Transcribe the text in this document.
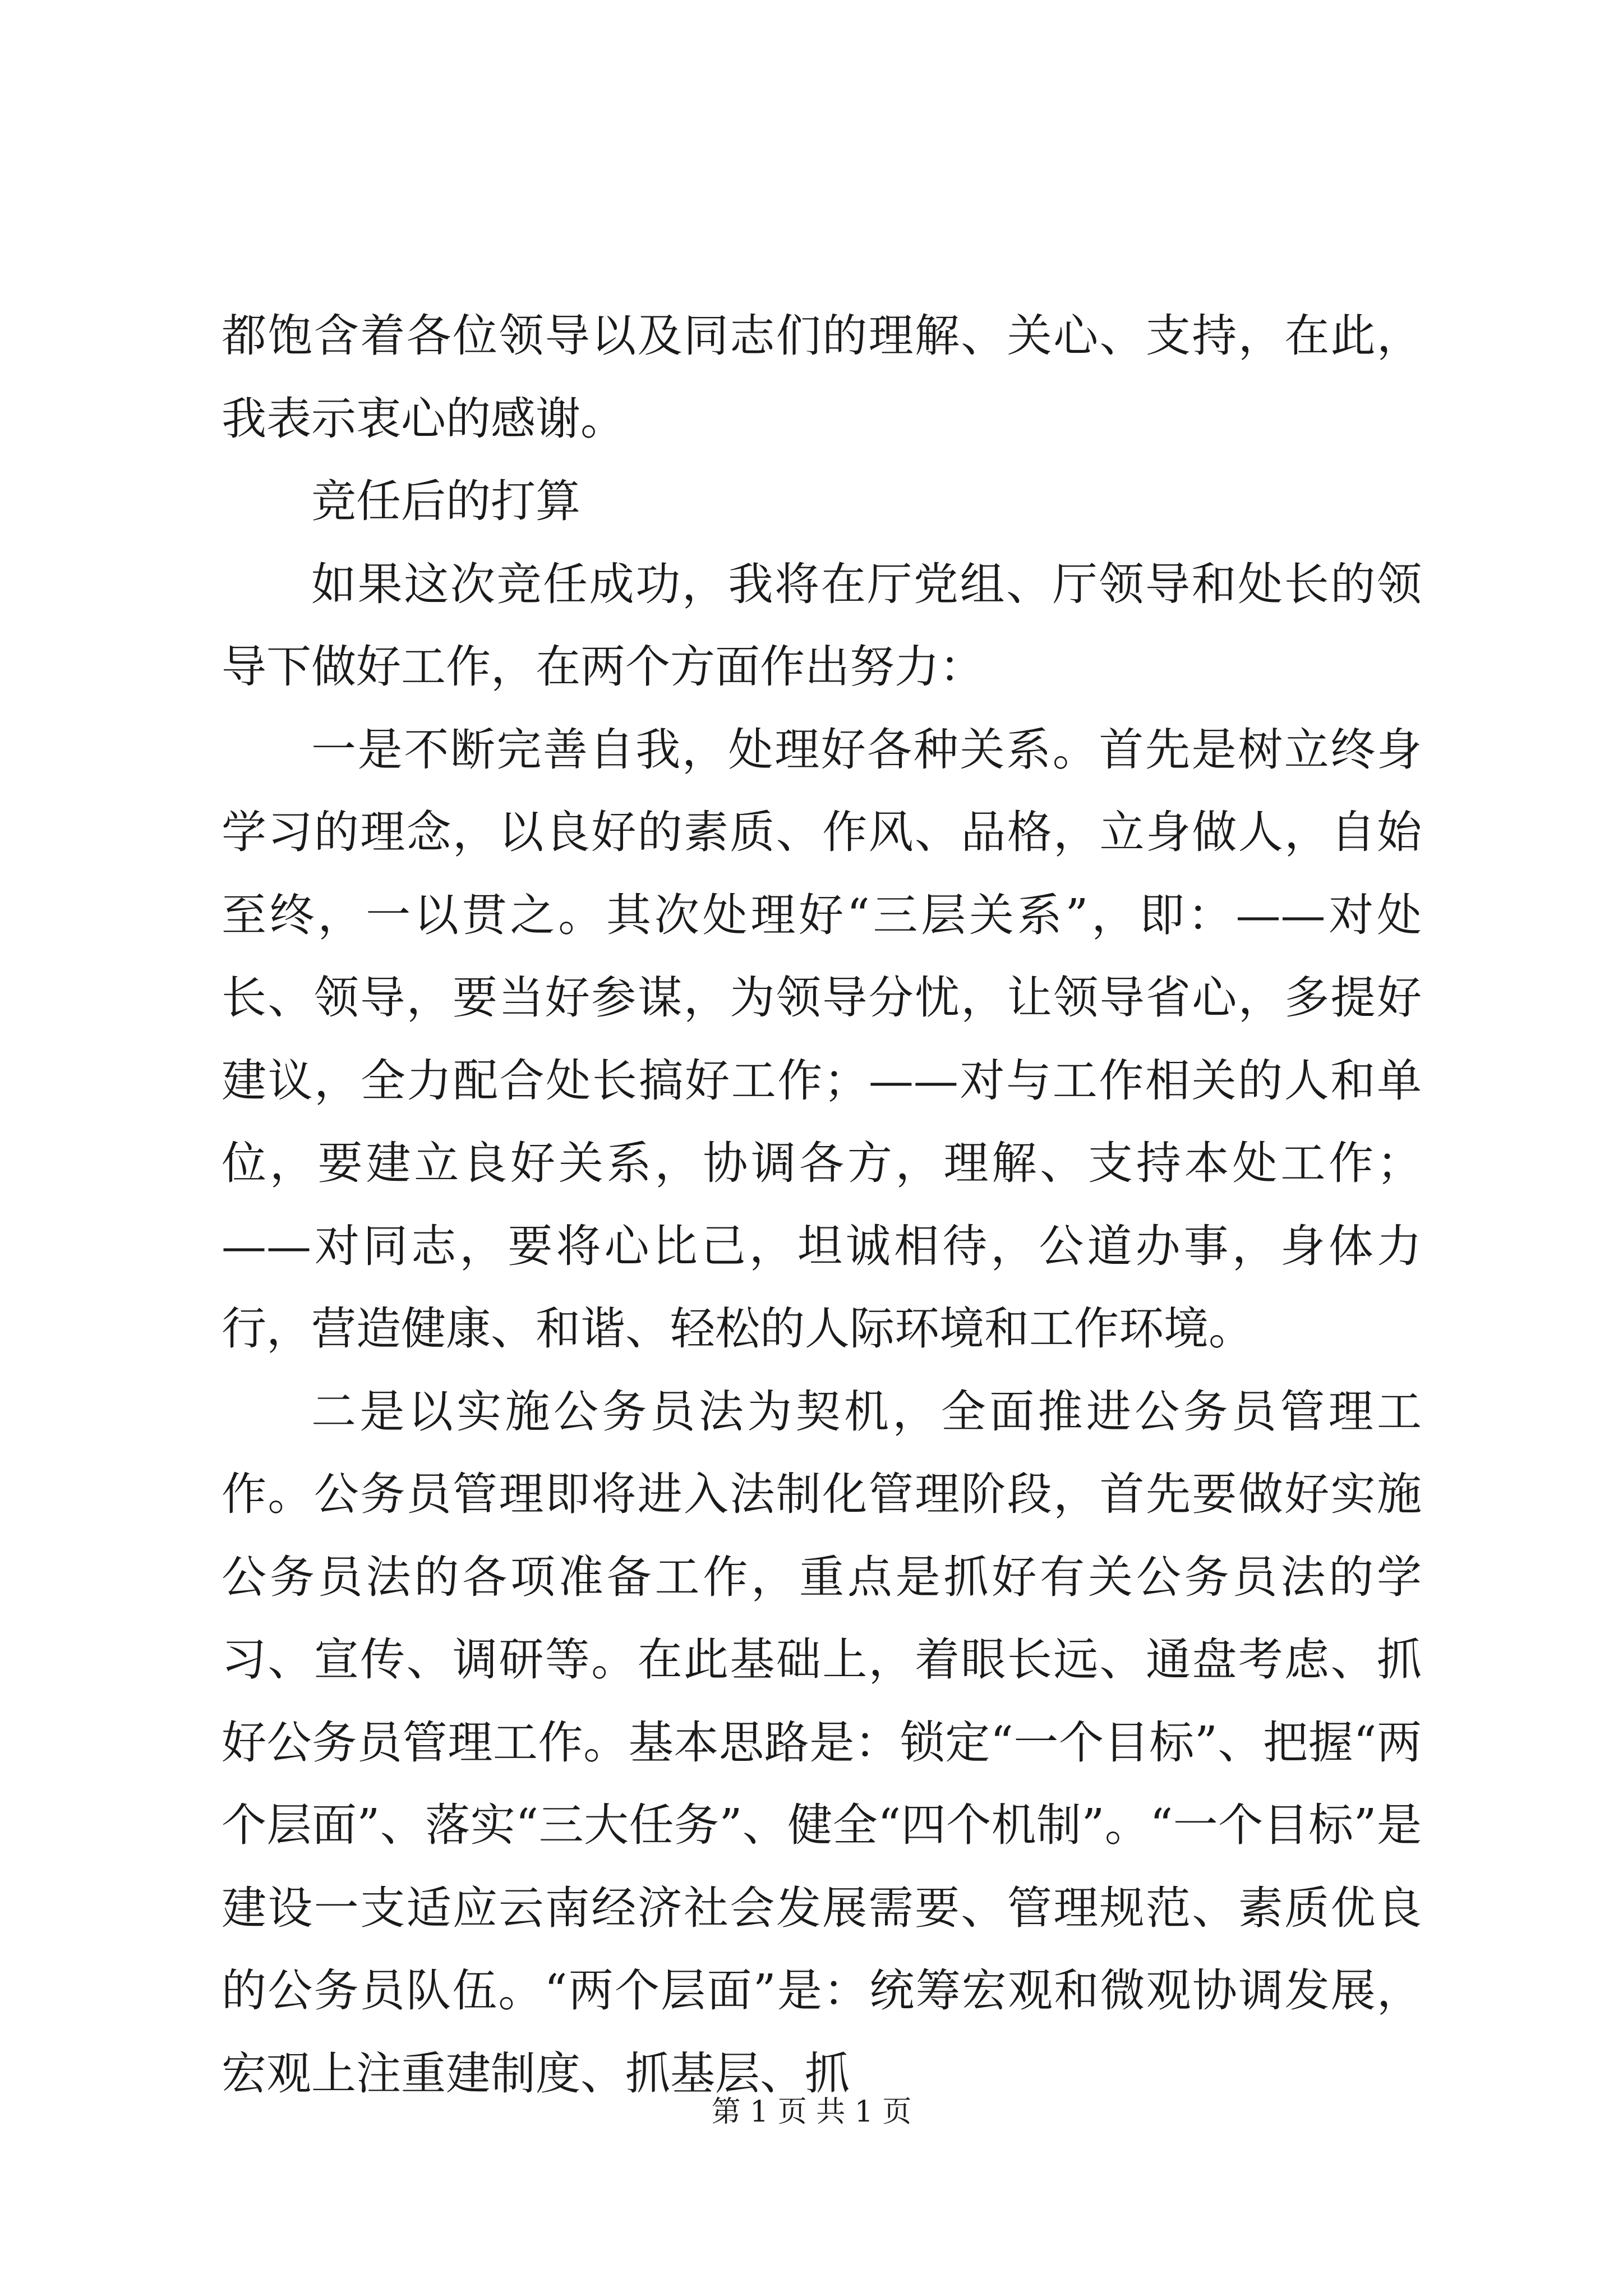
都饱含着各位领导以及同志们的理解、关心、支持，在此，我表示衷心的感谢。

竞任后的打算

如果这次竞任成功，我将在厅党组、厅领导和处长的领导下做好工作，在两个方面作出努力：

一是不断完善自我，处理好各种关系。首先是树立终身学习的理念，以良好的素质、作风、品格，立身做人，自始至终，一以贯之。其次处理好“三层关系”，即：——对处长、领导，要当好参谋，为领导分忧，让领导省心，多提好建议，全力配合处长搞好工作；——对与工作相关的人和单位，要建立良好关系，协调各方，理解、支持本处工作；——对同志，要将心比己，坦诚相待，公道办事，身体力行，营造健康、和谐、轻松的人际环境和工作环境。

二是以实施公务员法为契机，全面推进公务员管理工作。公务员管理即将进入法制化管理阶段，首先要做好实施公务员法的各项准备工作，重点是抓好有关公务员法的学习、宣传、调研等。在此基础上，着眼长远、通盘考虑、抓好公务员管理工作。基本思路是：锁定“一个目标”、把握“两个层面”、落实“三大任务”、健全“四个机制”。“一个目标”是建设一支适应云南经济社会发展需要、管理规范、素质优良的公务员队伍。“两个层面”是：统筹宏观和微观协调发展，宏观上注重建制度、抓基层、抓

第 1 页 共 1 页
